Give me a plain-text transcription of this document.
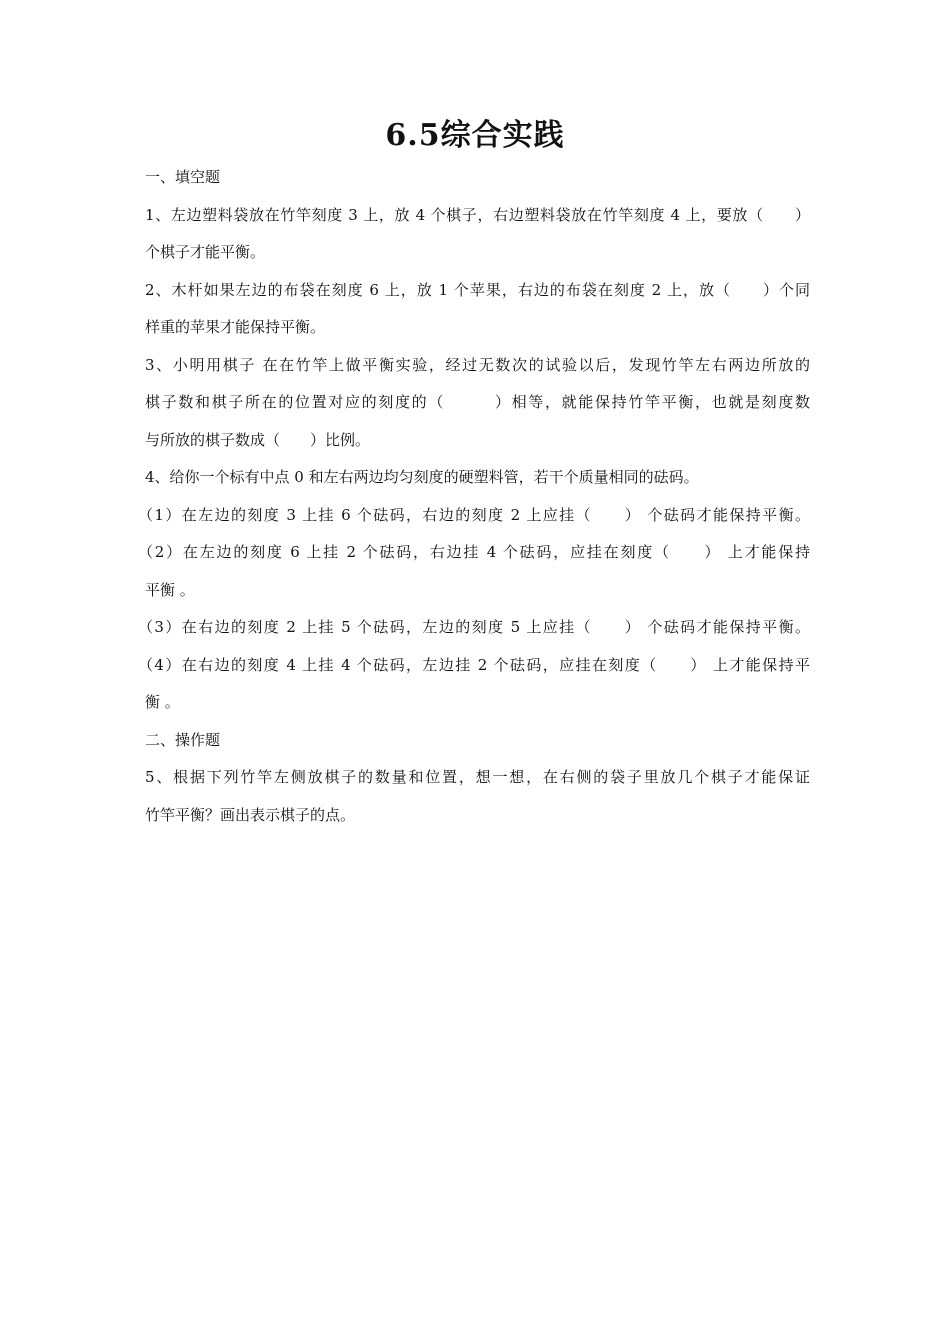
6.5综合实践
一、填空题
1、左边塑料袋放在竹竿刻度 3 上，放 4 个棋子，右边塑料袋放在竹竿刻度 4 上，要放（　　）
个棋子才能平衡。
2、木杆如果左边的布袋在刻度 6 上，放 1 个苹果，右边的布袋在刻度 2 上，放（　　）个同
样重的苹果才能保持平衡。
3、小明用棋子 在在竹竿上做平衡实验，经过无数次的试验以后，发现竹竿左右两边所放的
棋子数和棋子所在的位置对应的刻度的（　　　）相等，就能保持竹竿平衡，也就是刻度数
与所放的棋子数成（　　）比例。
4、给你一个标有中点 0 和左右两边均匀刻度的硬塑料管，若干个质量相同的砝码。
（1）在左边的刻度 3 上挂 6 个砝码，右边的刻度 2 上应挂（　　） 个砝码才能保持平衡。
（2）在左边的刻度 6 上挂 2 个砝码，右边挂 4 个砝码，应挂在刻度（　　） 上才能保持
平衡 。
（3）在右边的刻度 2 上挂 5 个砝码，左边的刻度 5 上应挂（　　） 个砝码才能保持平衡。
（4）在右边的刻度 4 上挂 4 个砝码，左边挂 2 个砝码，应挂在刻度（　　） 上才能保持平
衡 。
二、操作题
5、根据下列竹竿左侧放棋子的数量和位置，想一想，在右侧的袋子里放几个棋子才能保证
竹竿平衡？画出表示棋子的点。
